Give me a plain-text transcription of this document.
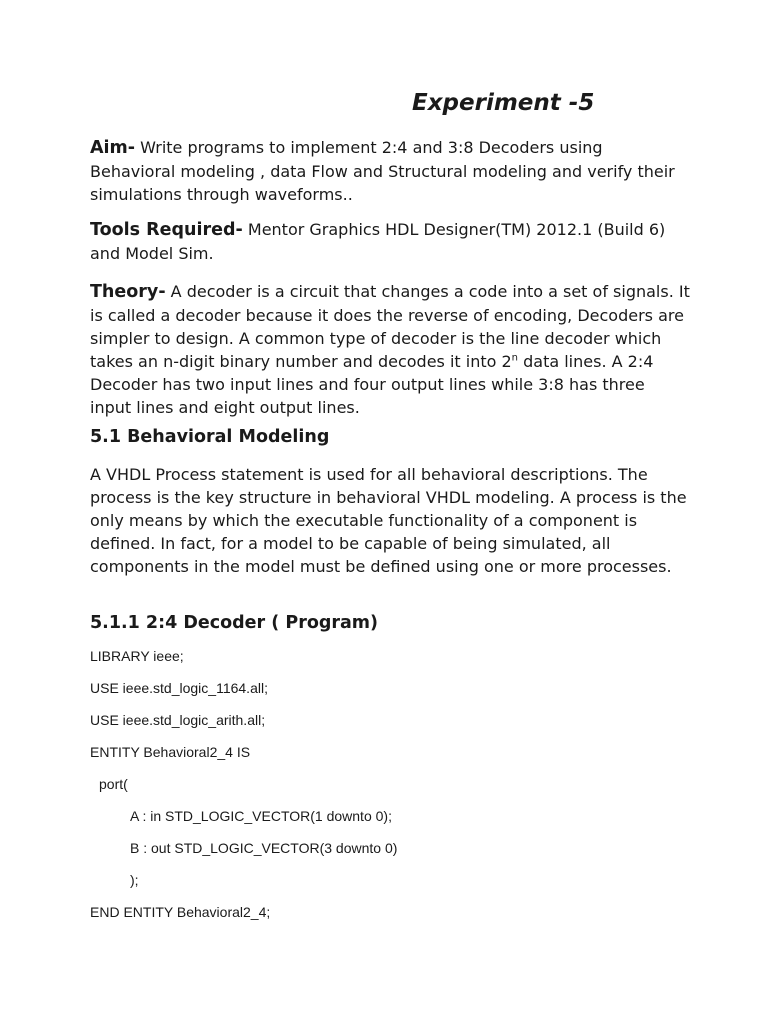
Experiment -5

Aim- Write programs to implement 2:4 and 3:8 Decoders using Behavioral modeling , data Flow and Structural modeling and verify their simulations through waveforms..

Tools Required- Mentor Graphics HDL Designer(TM) 2012.1 (Build 6) and Model Sim.

Theory- A decoder is a circuit that changes a code into a set of signals. It is called a decoder because it does the reverse of encoding, Decoders are simpler to design. A common type of decoder is the line decoder which takes an n-digit binary number and decodes it into 2$^n$ data lines. A 2:4 Decoder has two input lines and four output lines while 3:8 has three input lines and eight output lines.

5.1 Behavioral Modeling

A VHDL Process statement is used for all behavioral descriptions. The process is the key structure in behavioral VHDL modeling. A process is the only means by which the executable functionality of a component is defined. In fact, for a model to be capable of being simulated, all components in the model must be defined using one or more processes.

5.1.1 2:4 Decoder ( Program)
LIBRARY ieee;
USE ieee.std_logic_1164.all;
USE ieee.std_logic_arith.all;
ENTITY Behavioral2_4 IS
port(
A : in STD_LOGIC_VECTOR(1 downto 0);
B : out STD_LOGIC_VECTOR(3 downto 0)
);
END ENTITY Behavioral2_4;
